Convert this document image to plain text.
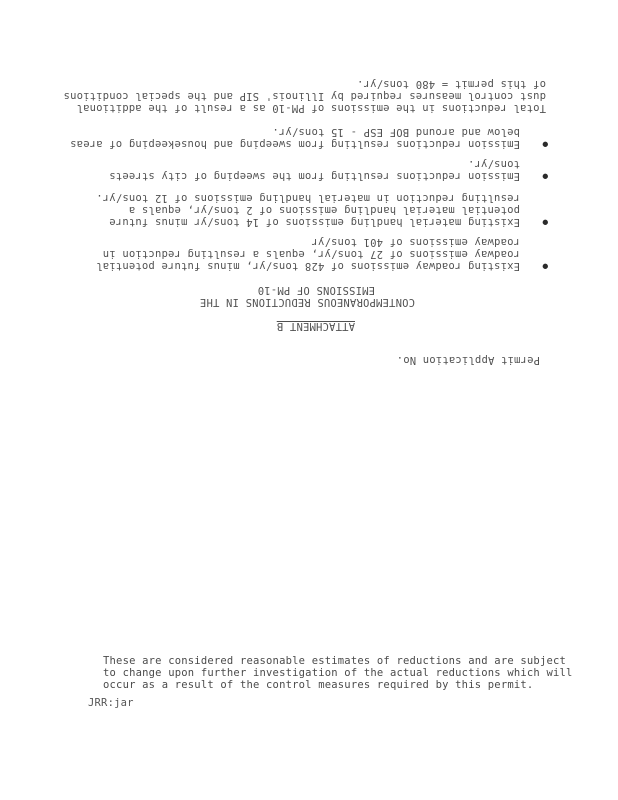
Permit Application No.
ATTACHMENT B
CONTEMPORANEOUS REDUCTIONS IN THE
EMISSIONS OF PM-10
●
Existing roadway emissions of 428 tons/yr, minus future potential
roadway emissions of 27 tons/yr, equals a resulting reduction in
roadway emissions of 401 tons/yr
●
Existing material handling emissions of 14 tons/yr minus future
potential material handling emissions of 2 tons/yr, equals a
resulting reduction in material handling emissions of 12 tons/yr.
●
Emission reductions resulting from the sweeping of city streets
tons/yr.
●
Emission reductions resulting from sweeping and housekeeping of areas
below and around BOF ESP - 15 tons/yr.
Total reductions in the emissions of PM-10 as a result of the additional
dust control measures required by Illinois' SIP and the special conditions
of this permit = 480 tons/yr.
These are considered reasonable estimates of reductions and are subject
to change upon further investigation of the actual reductions which will
occur as a result of the control measures required by this permit.
JRR:jar
